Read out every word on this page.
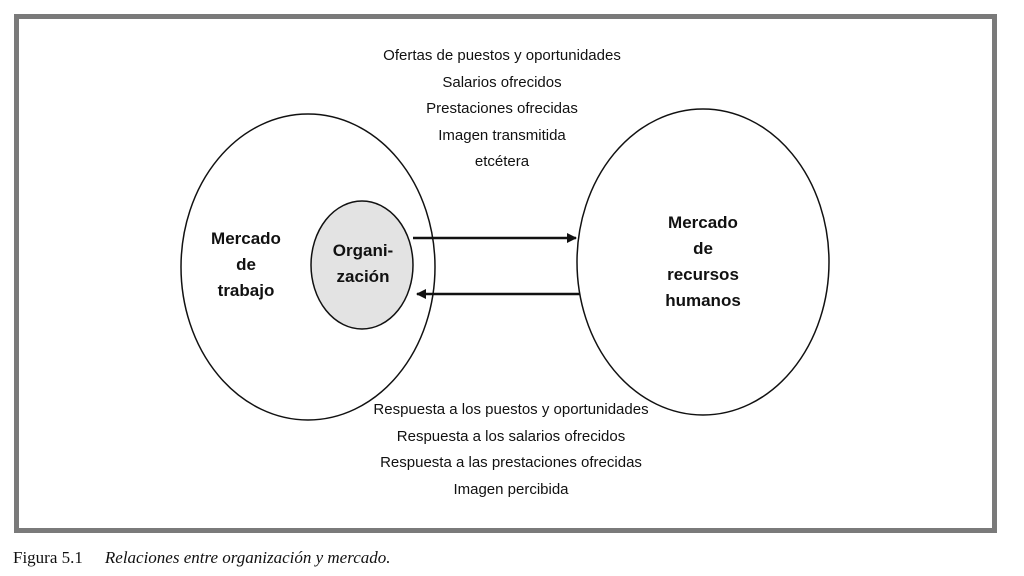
Mercado
de
trabajo
Organi-
zación
Mercado
de
recursos
humanos
Ofertas de puestos y oportunidades
Salarios ofrecidos
Prestaciones ofrecidas
Imagen transmitida
etcétera
Respuesta a los puestos y oportunidades
Respuesta a los salarios ofrecidos
Respuesta a las prestaciones ofrecidas
Imagen percibida
Figura 5.1 Relaciones entre organización y mercado.
